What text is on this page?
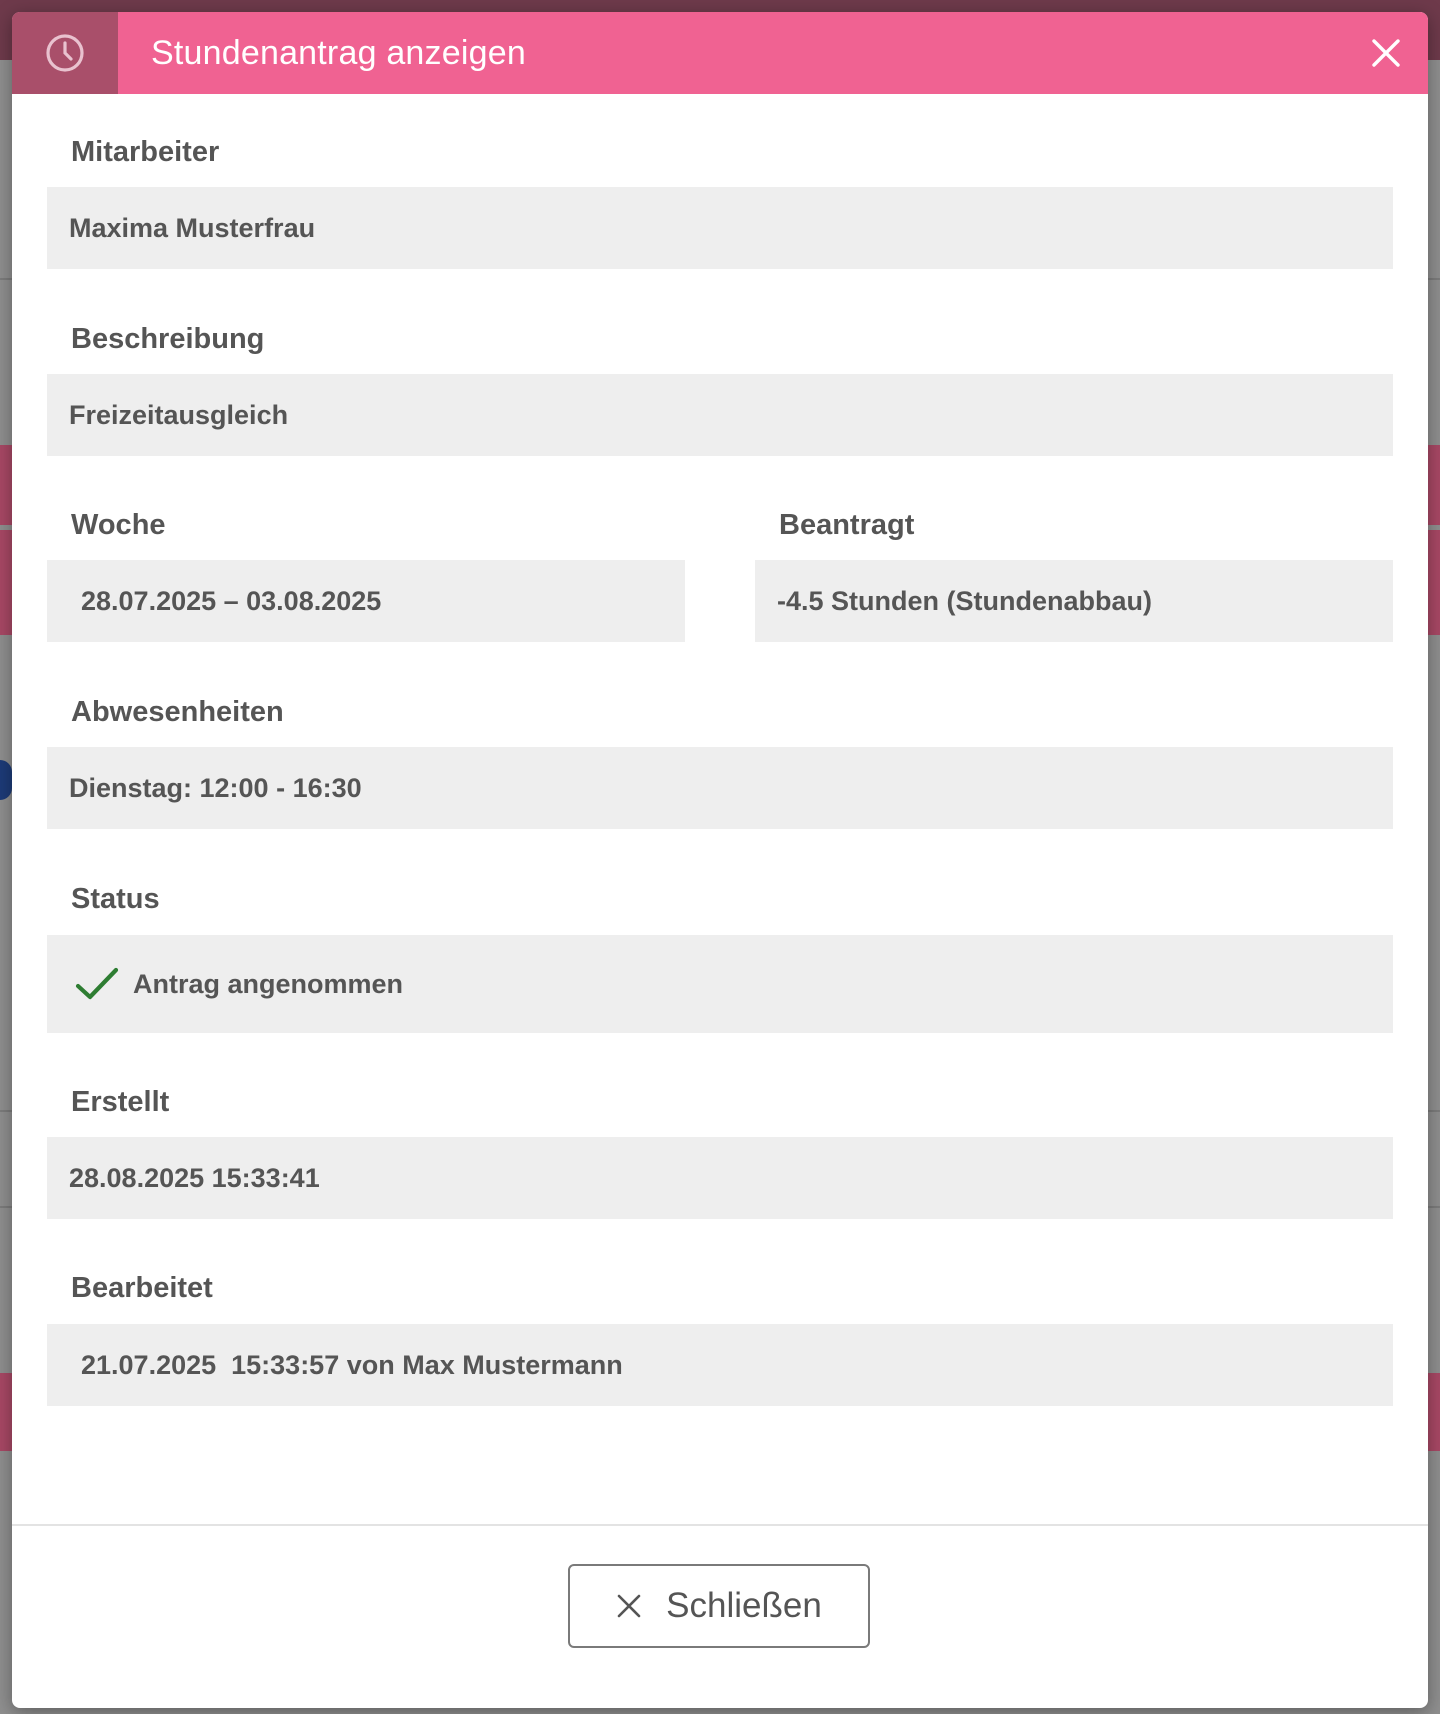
Stundenantrag anzeigen
Mitarbeiter
Maxima Musterfrau
Beschreibung
Freizeitausgleich
Woche
28.07.2025 – 03.08.2025
Beantragt
-4.5 Stunden (Stundenabbau)
Abwesenheiten
Dienstag: 12:00 - 16:30
Status
Antrag angenommen
Erstellt
28.08.2025 15:33:41
Bearbeitet
21.07.2025  15:33:57 von Max Mustermann
Schließen
